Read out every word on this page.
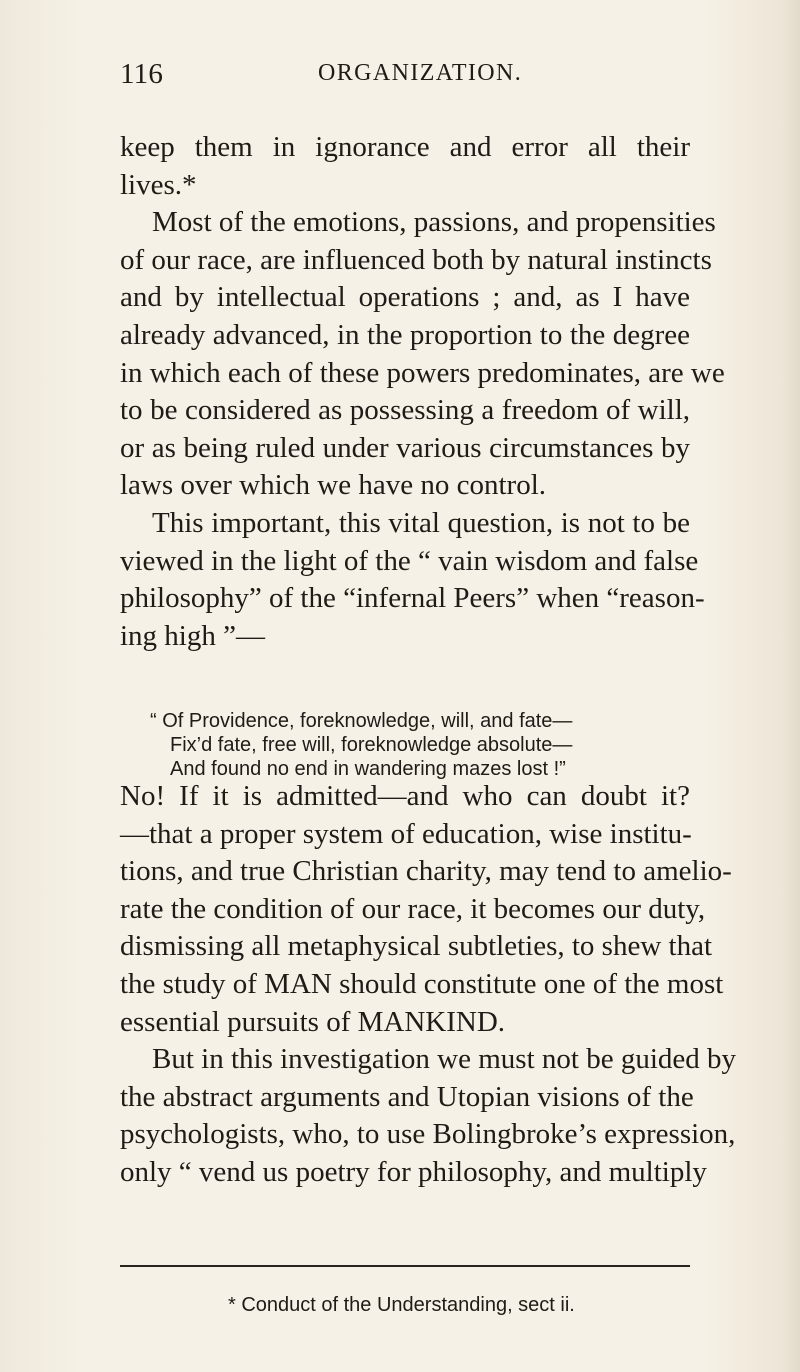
116	ORGANIZATION.
keep them in ignorance and error all their
lives.*
Most of the emotions, passions, and propensities
of our race, are influenced both by natural instincts
and by intellectual operations ; and, as I have
already advanced, in the proportion to the degree
in which each of these powers predominates, are we
to be considered as possessing a freedom of will,
or as being ruled under various circumstances by
laws over which we have no control.
This important, this vital question, is not to be
viewed in the light of the “ vain wisdom and false
philosophy” of the “infernal Peers” when “reason-
ing high ”—
“ Of Providence, foreknowledge, will, and fate—
Fix’d fate, free will, foreknowledge absolute—
And found no end in wandering mazes lost !”
No! If it is admitted—and who can doubt it?
—that a proper system of education, wise institu-
tions, and true Christian charity, may tend to amelio-
rate the condition of our race, it becomes our duty,
dismissing all metaphysical subtleties, to shew that
the study of MAN should constitute one of the most
essential pursuits of MANKIND.
But in this investigation we must not be guided by
the abstract arguments and Utopian visions of the
psychologists, who, to use Bolingbroke’s expression,
only “ vend us poetry for philosophy, and multiply
* Conduct of the Understanding, sect ii.
